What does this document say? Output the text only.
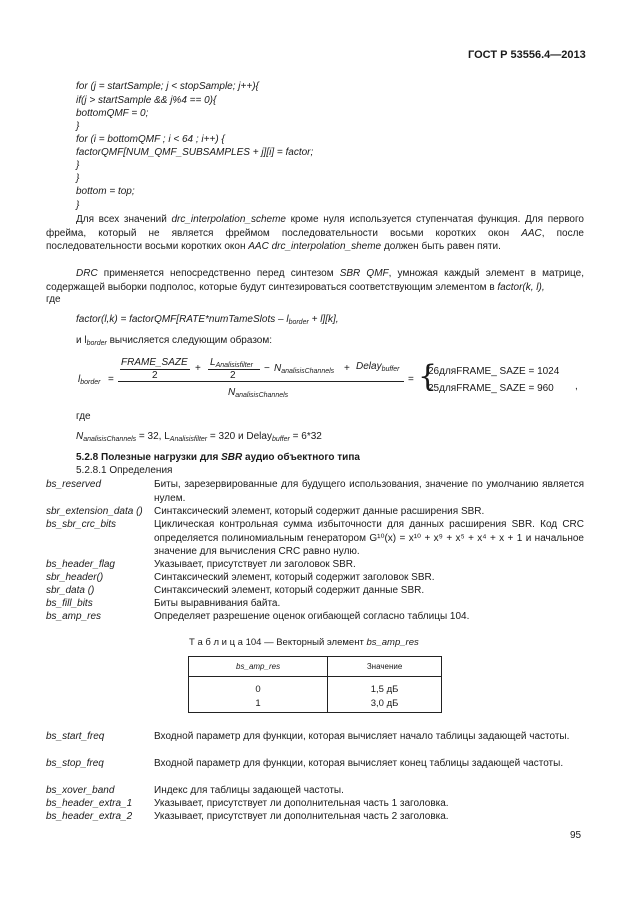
ГОСТ Р 53556.4—2013
for (j = startSample; j < stopSample; j++){
if(j > startSample && j%4 == 0){
bottomQMF = 0;
}
for (i = bottomQMF ; i < 64 ; i++) {
factorQMF[NUM_QMF_SUBSAMPLES + j][i] = factor;
}
}
bottom = top;
}
Для всех значений drc_interpolation_scheme кроме нуля используется ступенчатая функция. Для первого фрейма, который не является фреймом последовательности восьми коротких окон AAC, после последовательности восьми коротких окон AAC drc_interpolation_sheme должен быть равен пяти.
DRC применяется непосредственно перед синтезом SBR QMF, умножая каждый элемент в матрице, содержащей выборки подполос, которые будут синтезироваться соответствующим элементом в factor(k, l),
где
factor(l,k) = factorQMF[RATE*numTameSlots – $l_{border} + l][k]$,
и $l_{border}$ вычисляется следующим образом:
$l_{border}$ =
FRAME_SAZE
2
+
$L_{Analisisfilter}$
2
− $N_{analisisChannels}$ + Delay$_{buffer}$
$N_{analisisChannels}$
= {
26дляFRAME_ SAZE = 1024
25дляFRAME_ SAZE = 960 ,
где
$N_{analisisChannels} = 32$, $L_{Analisisfilter} = 320$ и Delay$_{buffer}$ = 6*32
5.2.8 Полезные нагрузки для SBR аудио объектного типа
5.2.8.1 Определения
bs_reserved	Биты, зарезервированные для будущего использования, значение по умолчанию является нулем.
sbr_extension_data () Синтаксический элемент, который содержит данные расширения SBR.
bs_sbr_crc_bits	Циклическая контрольная сумма избыточности для данных расширения SBR. Код CRC определяется полиномиальным генератором G¹⁰(x) = x¹⁰ + x⁹ + x⁵ + x⁴ + x + 1 и начальное значение для вычисления CRC равно нулю.
bs_header_flag	Указывает, присутствует ли заголовок SBR.
sbr_header()	Синтаксический элемент, который содержит заголовок SBR.
sbr_data ()	Синтаксический элемент, который содержит данные SBR.
bs_fill_bits	Биты выравнивания байта.
bs_amp_res	Определяет разрешение оценок огибающей согласно таблицы 104.
Т а б л и ц а 104 — Векторный элемент bs_amp_res
bs_amp_res	Значение

0	1,5 дБ
1	3,0 дБ
bs_start_freq	Входной параметр для функции, которая вычисляет начало таблицы задающей частоты.
bs_stop_freq	Входной параметр для функции, которая вычисляет конец таблицы задающей частоты.
bs_xover_band	Индекс для таблицы задающей частоты.
bs_header_extra_1 Указывает, присутствует ли дополнительная часть 1 заголовка.
bs_header_extra_2 Указывает, присутствует ли дополнительная часть 2 заголовка.
95
